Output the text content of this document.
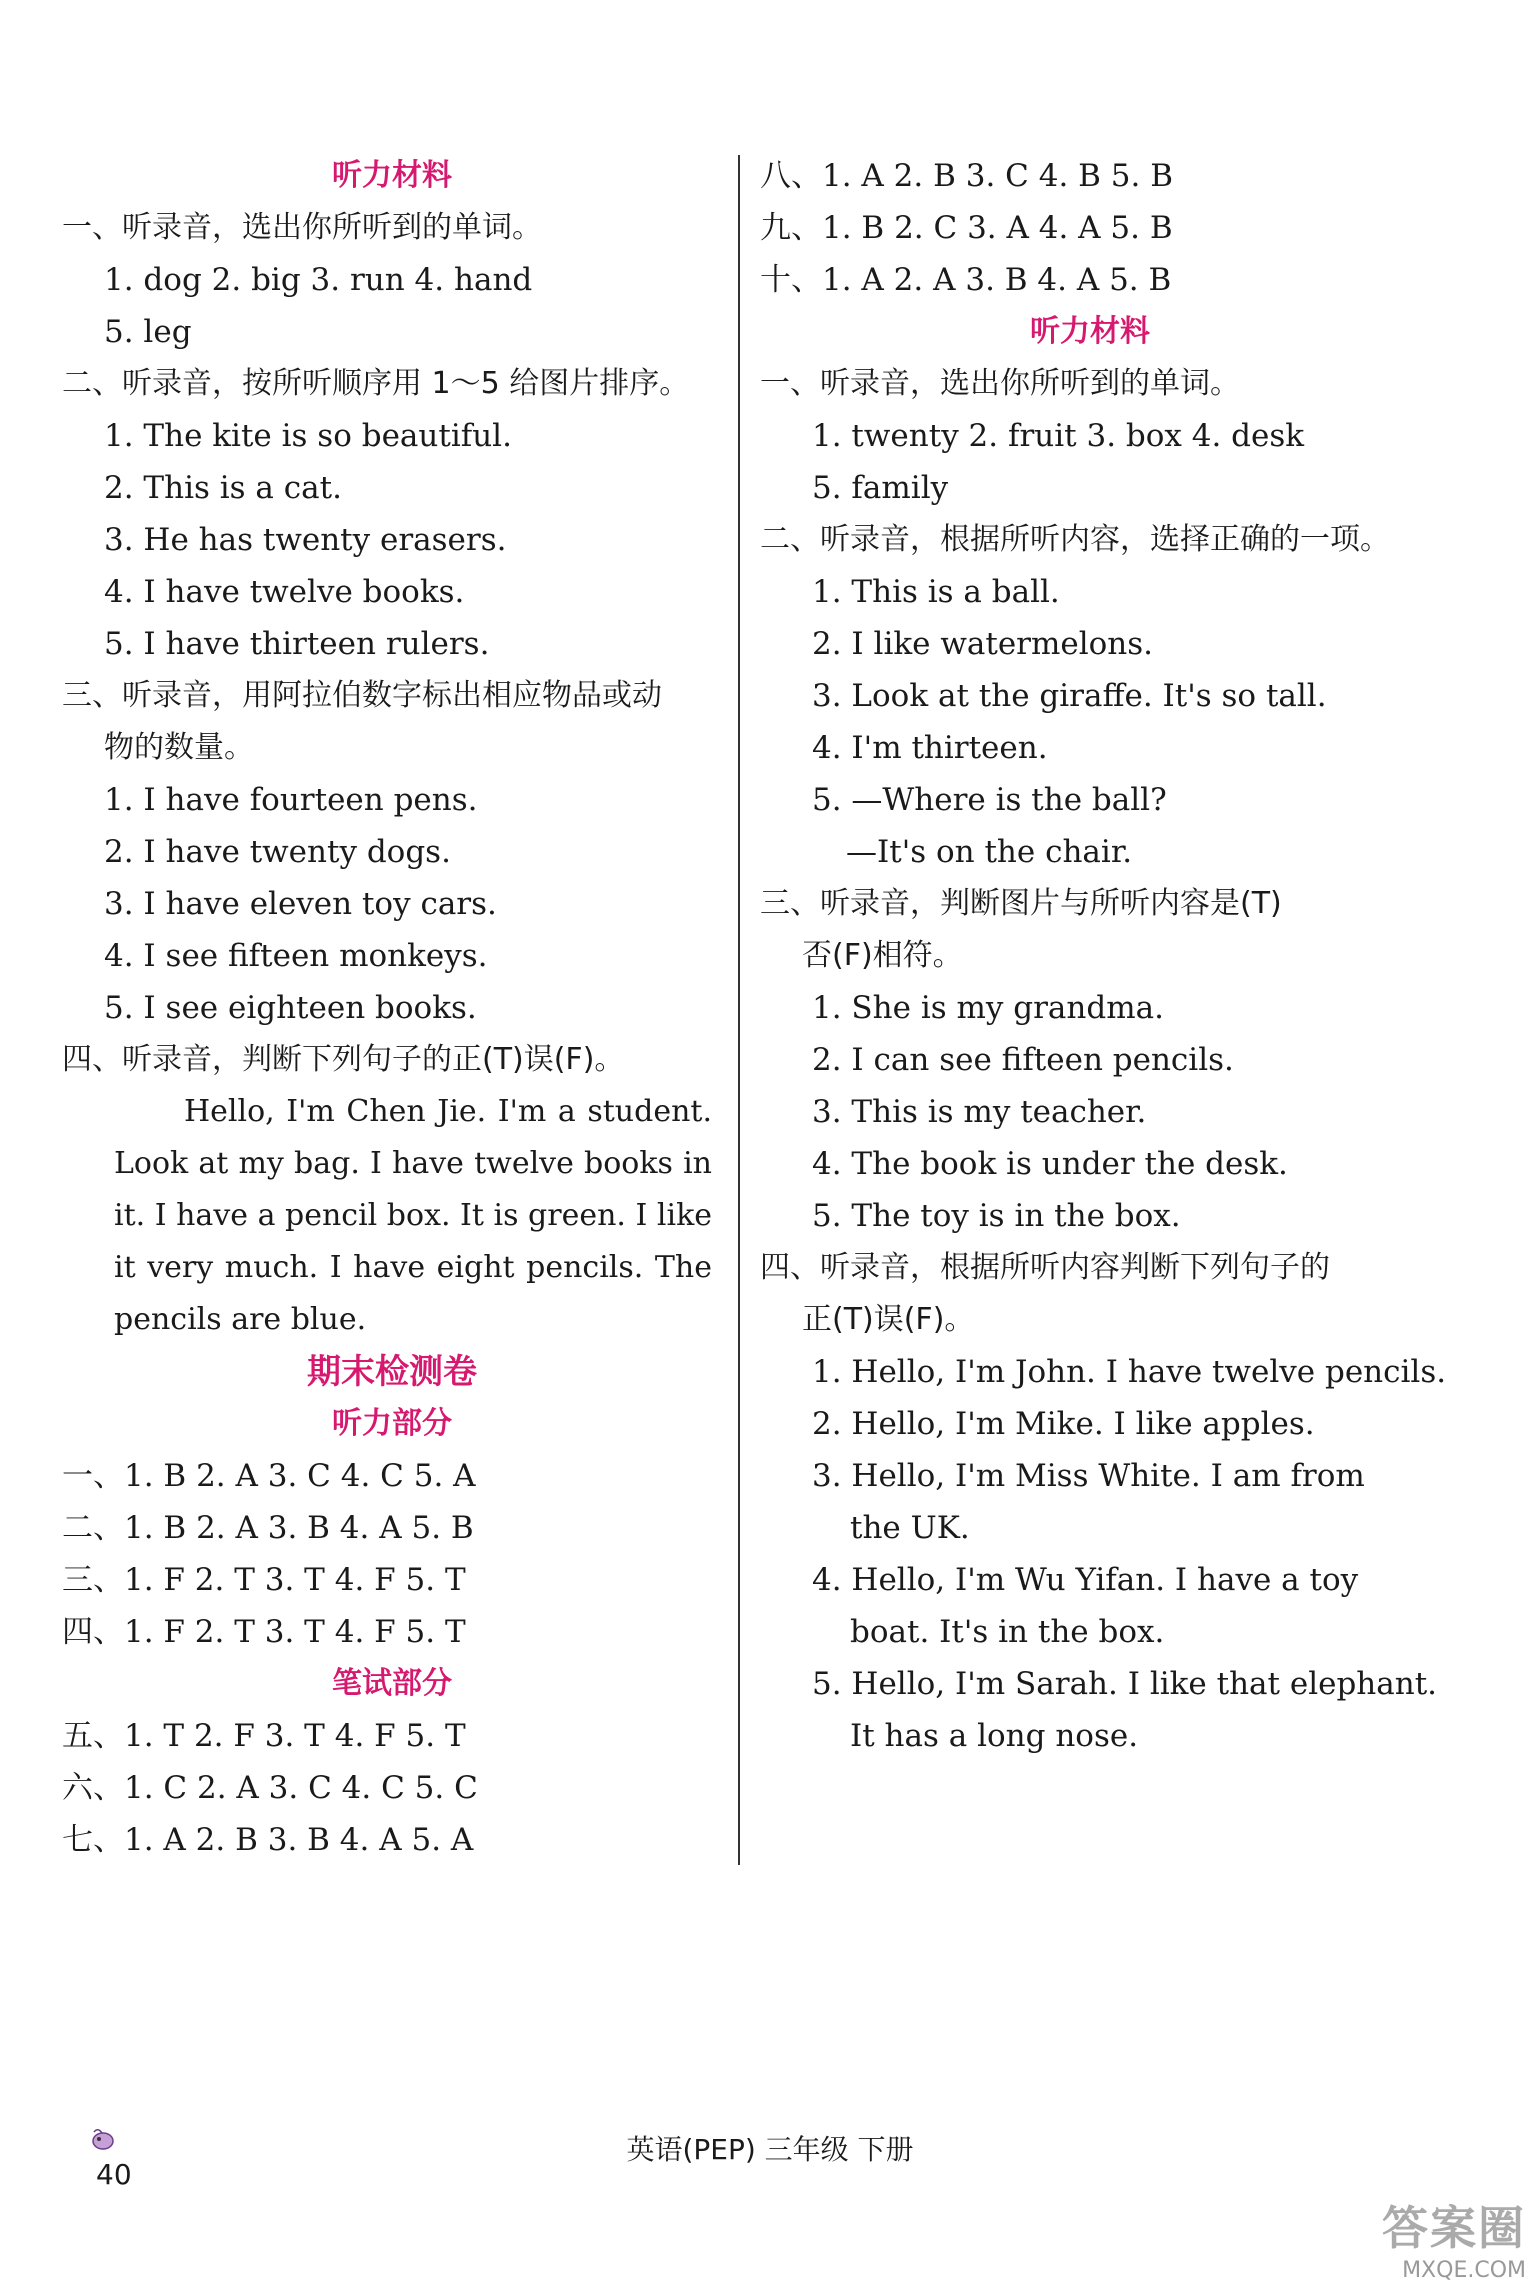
听力材料
一、听录音，选出你所听到的单词。
1. dog 2. big 3. run 4. hand
5. leg
二、听录音，按所听顺序用 1～5 给图片排序。
1. The kite is so beautiful.
2. This is a cat.
3. He has twenty erasers.
4. I have twelve books.
5. I have thirteen rulers.
三、听录音，用阿拉伯数字标出相应物品或动
物的数量。
1. I have fourteen pens.
2. I have twenty dogs.
3. I have eleven toy cars.
4. I see fifteen monkeys.
5. I see eighteen books.
四、听录音，判断下列句子的正(T)误(F)。
Hello, I'm Chen Jie. I'm a student. Look at my bag. I have twelve books in it. I have a pencil box. It is green. I like it very much. I have eight pencils. The pencils are blue.
期末检测卷
听力部分
一、1. B 2. A 3. C 4. C 5. A
二、1. B 2. A 3. B 4. A 5. B
三、1. F 2. T 3. T 4. F 5. T
四、1. F 2. T 3. T 4. F 5. T
笔试部分
五、1. T 2. F 3. T 4. F 5. T
六、1. C 2. A 3. C 4. C 5. C
七、1. A 2. B 3. B 4. A 5. A
八、1. A 2. B 3. C 4. B 5. B
九、1. B 2. C 3. A 4. A 5. B
十、1. A 2. A 3. B 4. A 5. B
听力材料
一、听录音，选出你所听到的单词。
1. twenty 2. fruit 3. box 4. desk
5. family
二、听录音，根据所听内容，选择正确的一项。
1. This is a ball.
2. I like watermelons.
3. Look at the giraffe. It's so tall.
4. I'm thirteen.
5. —Where is the ball?
—It's on the chair.
三、听录音，判断图片与所听内容是(T)
否(F)相符。
1. She is my grandma.
2. I can see fifteen pencils.
3. This is my teacher.
4. The book is under the desk.
5. The toy is in the box.
四、听录音，根据所听内容判断下列句子的
正(T)误(F)。
1. Hello, I'm John. I have twelve pencils.
2. Hello, I'm Mike. I like apples.
3. Hello, I'm Miss White. I am from
the UK.
4. Hello, I'm Wu Yifan. I have a toy
boat. It's in the box.
5. Hello, I'm Sarah. I like that elephant.
It has a long nose.
40
英语(PEP) 三年级 下册
答案圈
MXQE.COM
